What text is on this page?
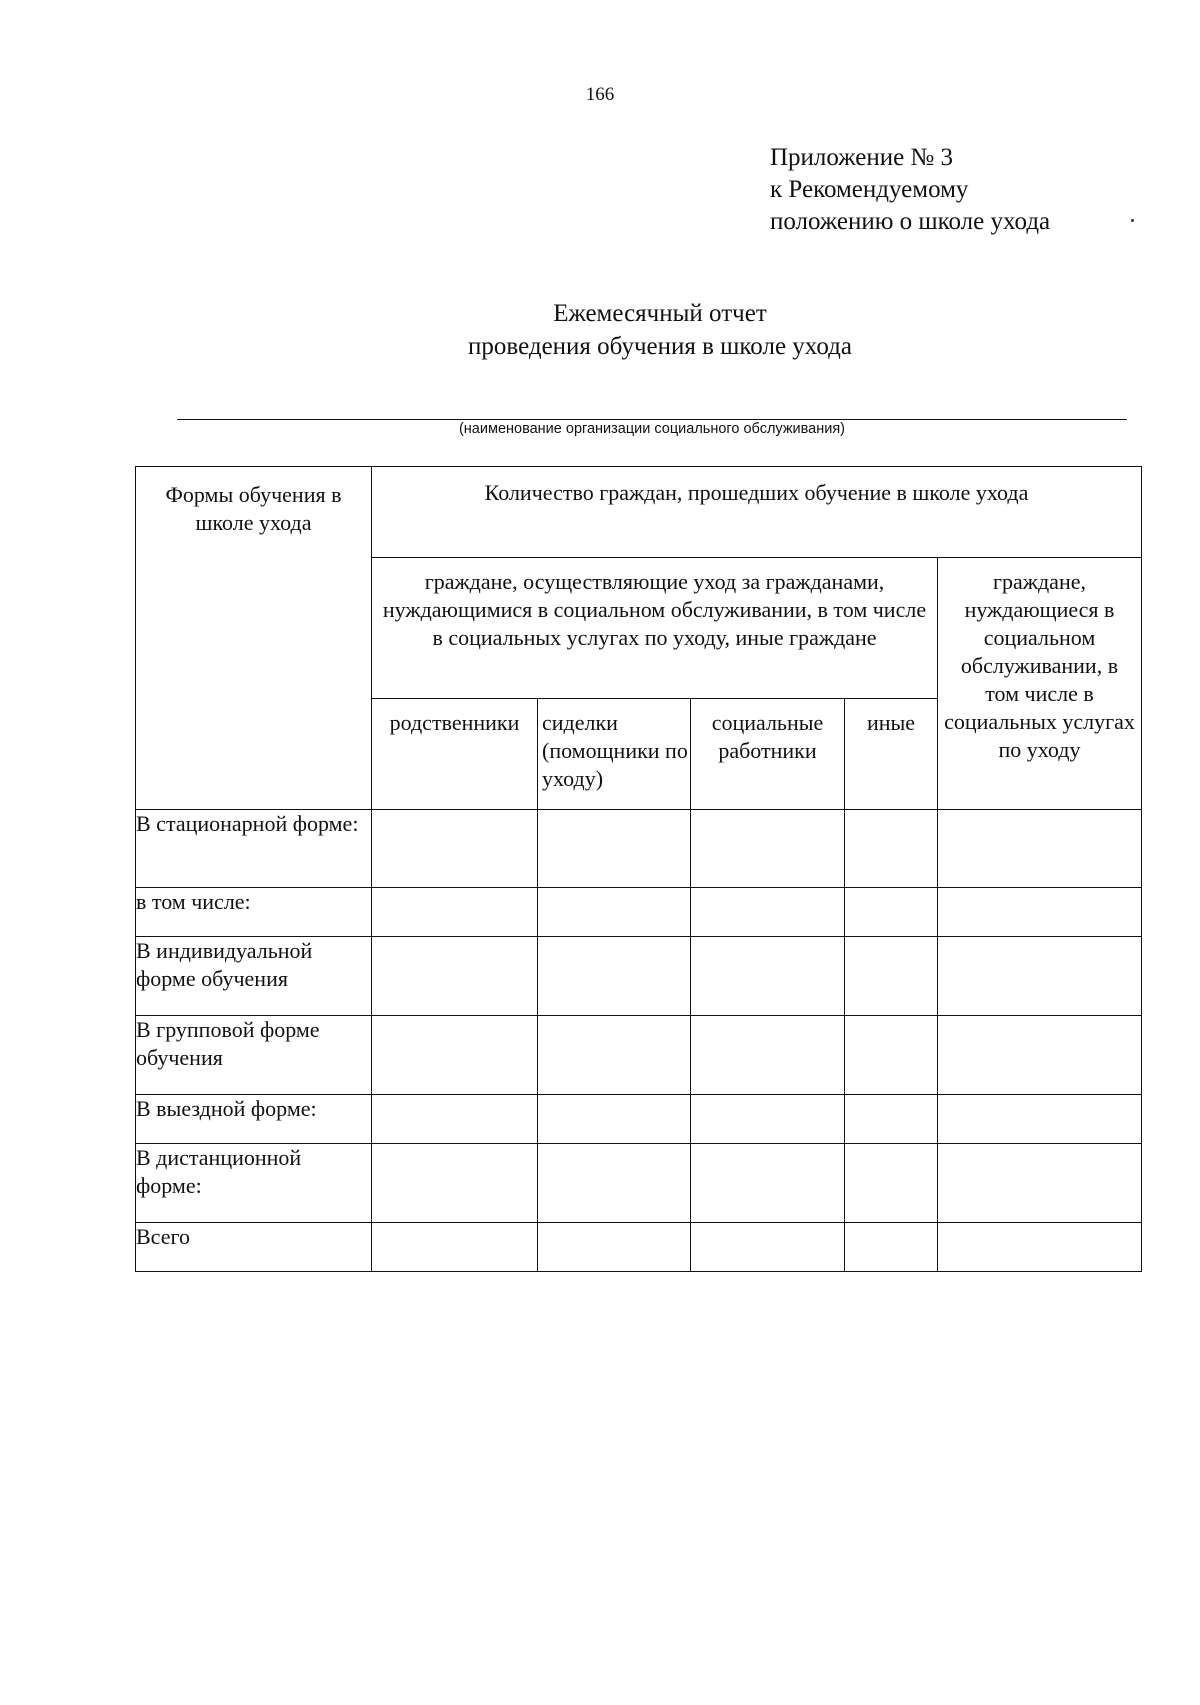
166
Приложение № 3
к Рекомендуемому
положению о школе ухода
Ежемесячный отчет
проведения обучения в школе ухода
(наименование организации социального обслуживания)
Формы обучения в школе ухода	Количество граждан, прошедших обучение в школе ухода				
	граждане, осуществляющие уход за гражданами, нуждающимися в социальном обслуживании, в том числе в социальных услугах по уходу, иные граждане				граждане, нуждающиеся в социальном обслуживании, в том числе в социальных услугах по уходу
	родственники	сиделки (помощники по уходу)	социальные работники	иные	
В стационарной форме:					
в том числе:					
В индивидуальной форме обучения					
В групповой форме обучения					
В выездной форме:					
В дистанционной форме:					
Всего					
